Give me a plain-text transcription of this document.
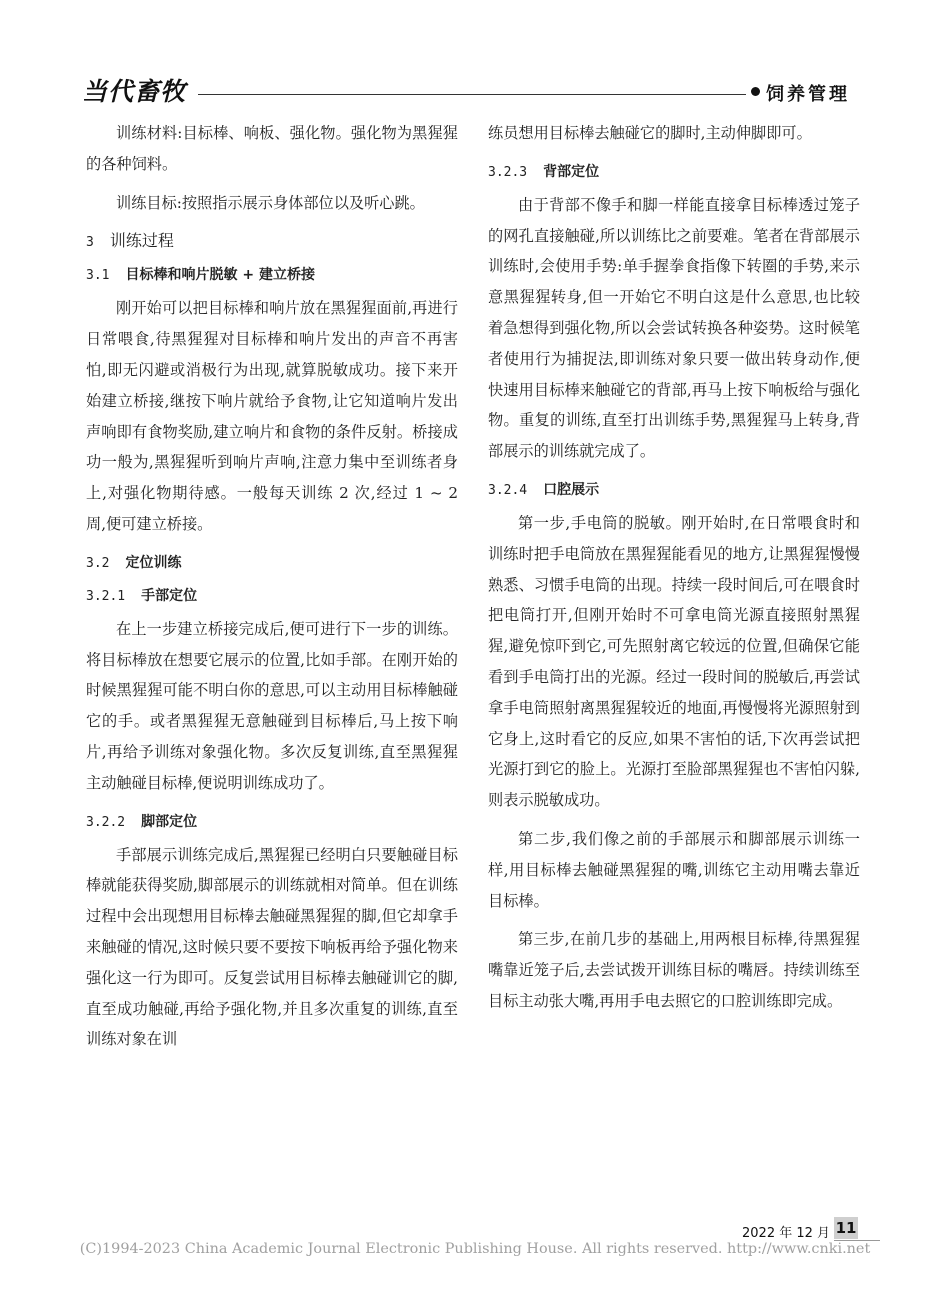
当代畜牧	饲养管理

训练材料:目标棒、响板、强化物。强化物为黑猩猩的各种饲料。

训练目标:按照指示展示身体部位以及听心跳。

3 训练过程
3.1 目标棒和响片脱敏 + 建立桥接

刚开始可以把目标棒和响片放在黑猩猩面前,再进行日常喂食,待黑猩猩对目标棒和响片发出的声音不再害怕,即无闪避或消极行为出现,就算脱敏成功。接下来开始建立桥接,继按下响片就给予食物,让它知道响片发出声响即有食物奖励,建立响片和食物的条件反射。桥接成功一般为,黑猩猩听到响片声响,注意力集中至训练者身上,对强化物期待感。一般每天训练 2 次,经过 1 ~ 2 周,便可建立桥接。

3.2 定位训练
3.2.1 手部定位

在上一步建立桥接完成后,便可进行下一步的训练。将目标棒放在想要它展示的位置,比如手部。在刚开始的时候黑猩猩可能不明白你的意思,可以主动用目标棒触碰它的手。或者黑猩猩无意触碰到目标棒后,马上按下响片,再给予训练对象强化物。多次反复训练,直至黑猩猩主动触碰目标棒,便说明训练成功了。

3.2.2 脚部定位

手部展示训练完成后,黑猩猩已经明白只要触碰目标棒就能获得奖励,脚部展示的训练就相对简单。但在训练过程中会出现想用目标棒去触碰黑猩猩的脚,但它却拿手来触碰的情况,这时候只要不要按下响板再给予强化物来强化这一行为即可。反复尝试用目标棒去触碰训它的脚,直至成功触碰,再给予强化物,并且多次重复的训练,直至训练对象在训

练员想用目标棒去触碰它的脚时,主动伸脚即可。

3.2.3 背部定位

由于背部不像手和脚一样能直接拿目标棒透过笼子的网孔直接触碰,所以训练比之前要难。笔者在背部展示训练时,会使用手势:单手握拳食指像下转圈的手势,来示意黑猩猩转身,但一开始它不明白这是什么意思,也比较着急想得到强化物,所以会尝试转换各种姿势。这时候笔者使用行为捕捉法,即训练对象只要一做出转身动作,便快速用目标棒来触碰它的背部,再马上按下响板给与强化物。重复的训练,直至打出训练手势,黑猩猩马上转身,背部展示的训练就完成了。

3.2.4 口腔展示

第一步,手电筒的脱敏。刚开始时,在日常喂食时和训练时把手电筒放在黑猩猩能看见的地方,让黑猩猩慢慢熟悉、习惯手电筒的出现。持续一段时间后,可在喂食时把电筒打开,但刚开始时不可拿电筒光源直接照射黑猩猩,避免惊吓到它,可先照射离它较远的位置,但确保它能看到手电筒打出的光源。经过一段时间的脱敏后,再尝试拿手电筒照射离黑猩猩较近的地面,再慢慢将光源照射到它身上,这时看它的反应,如果不害怕的话,下次再尝试把光源打到它的脸上。光源打至脸部黑猩猩也不害怕闪躲,则表示脱敏成功。

第二步,我们像之前的手部展示和脚部展示训练一样,用目标棒去触碰黑猩猩的嘴,训练它主动用嘴去靠近目标棒。

第三步,在前几步的基础上,用两根目标棒,待黑猩猩嘴靠近笼子后,去尝试拨开训练目标的嘴唇。持续训练至目标主动张大嘴,再用手电去照它的口腔训练即完成。

2022 年 12 月 11
(C)1994-2023 China Academic Journal Electronic Publishing House. All rights reserved. http://www.cnki.net
